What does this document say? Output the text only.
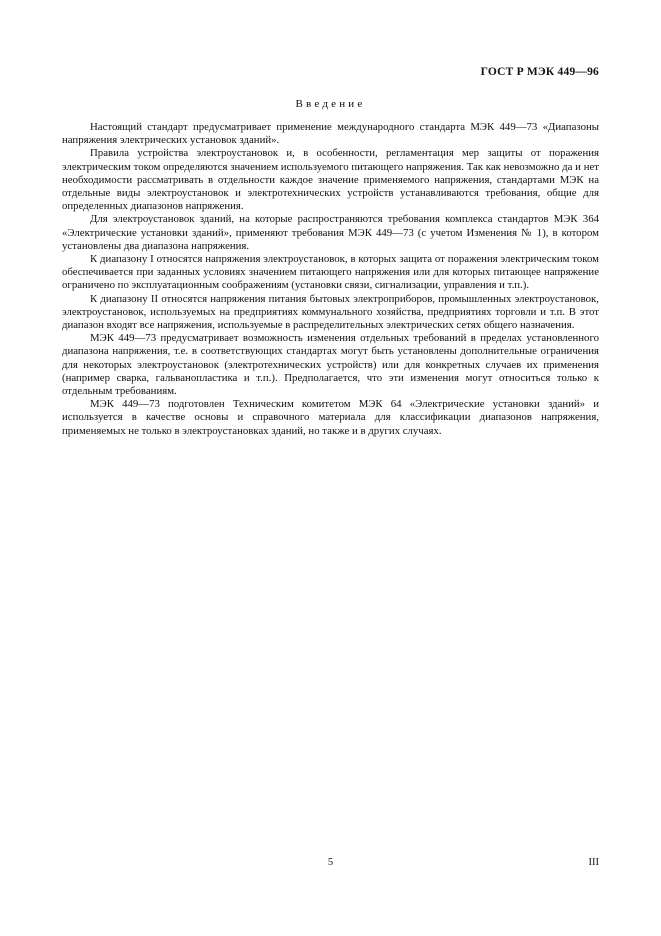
ГОСТ Р МЭК 449—96
Введение

Настоящий стандарт предусматривает применение международного стандарта МЭК 449—73 «Диапазоны напряжения электрических установок зданий».

Правила устройства электроустановок и, в особенности, регламентация мер защиты от поражения электрическим током определяются значением используемого питающего напряжения. Так как невозможно да и нет необходимости рассматривать в отдельности каждое значение применяемого напряжения, стандартами МЭК на отдельные виды электроустановок и электротехнических устройств устанавливаются требования, общие для определенных диапазонов напряжения.

Для электроустановок зданий, на которые распространяются требования комплекса стандартов МЭК 364 «Электрические установки зданий», применяют требования МЭК 449—73 (с учетом Изменения № 1), в котором установлены два диапазона напряжения.

К диапазону I относятся напряжения электроустановок, в которых защита от поражения электрическим током обеспечивается при заданных условиях значением питающего напряжения или для которых питающее напряжение ограничено по эксплуатационным соображениям (установки связи, сигнализации, управления и т.п.).

К диапазону II относятся напряжения питания бытовых электроприборов, промышленных электроустановок, электроустановок, используемых на предприятиях коммунального хозяйства, предприятиях торговли и т.п. В этот диапазон входят все напряжения, используемые в распределительных электрических сетях общего назначения.

МЭК 449—73 предусматривает возможность изменения отдельных требований в пределах установленного диапазона напряжения, т.е. в соответствующих стандартах могут быть установлены дополнительные ограничения для некоторых электроустановок (электротехнических устройств) или для конкретных случаев их применения (например сварка, гальванопластика и т.п.). Предполагается, что эти изменения могут относиться только к отдельным требованиям.

МЭК 449—73 подготовлен Техническим комитетом МЭК 64 «Электрические установки зданий» и используется в качестве основы и справочного материала для классификации диапазонов напряжения, применяемых не только в электроустановках зданий, но также и в других случаях.

5	III
